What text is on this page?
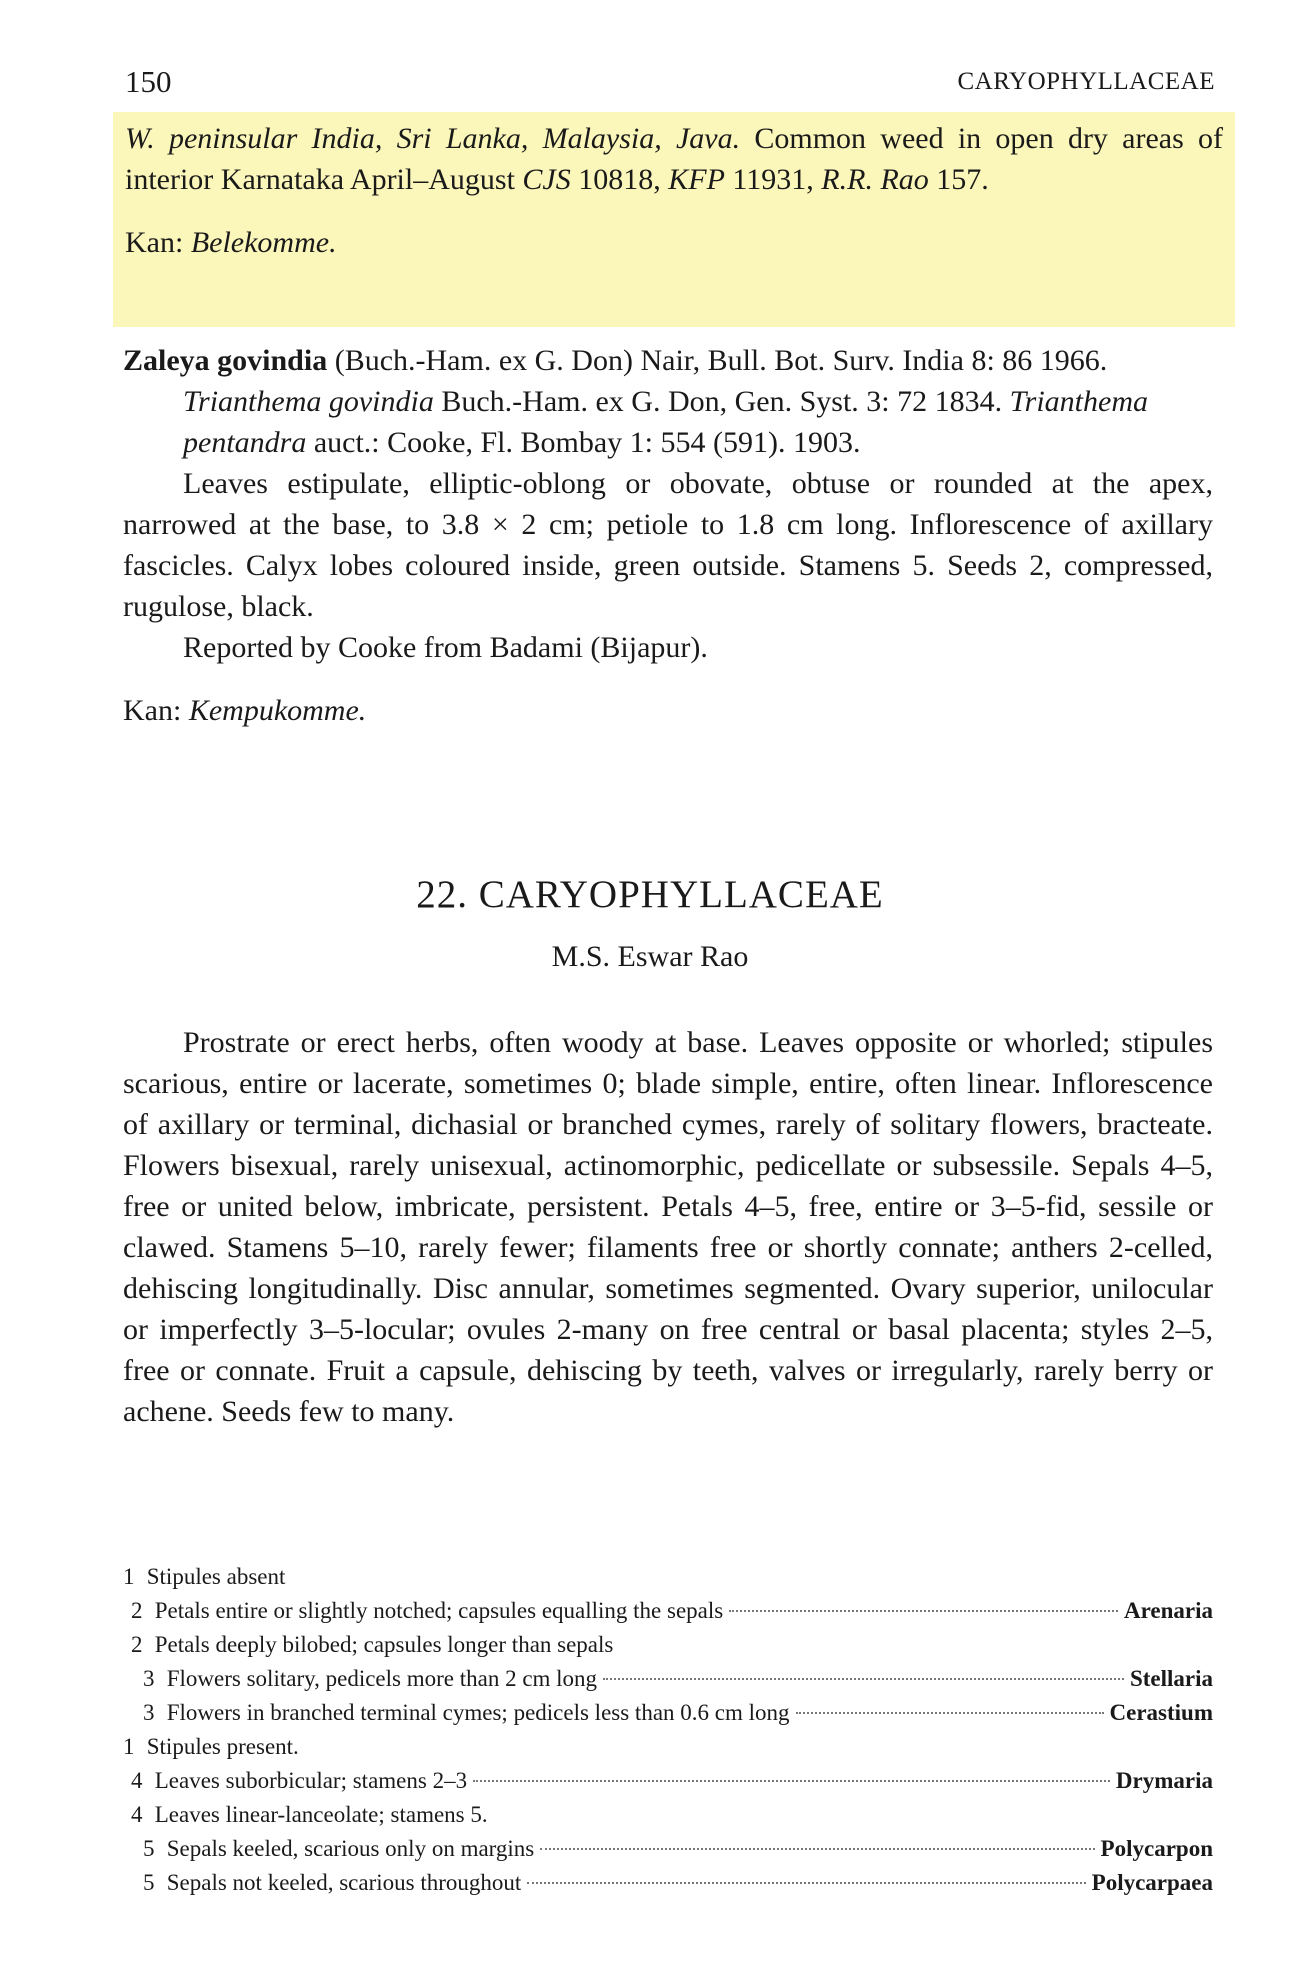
150	CARYOPHYLLACEAE

W. peninsular India, Sri Lanka, Malaysia, Java. Common weed in open dry areas of interior Karnataka April–August CJS 10818, KFP 11931, R.R. Rao 157.

Kan: Belekomme.

Zaleya govindia (Buch.-Ham. ex G. Don) Nair, Bull. Bot. Surv. India 8: 86 1966. Trianthema govindia Buch.-Ham. ex G. Don, Gen. Syst. 3: 72 1834. Trianthema pentandra auct.: Cooke, Fl. Bombay 1: 554 (591). 1903.

Leaves estipulate, elliptic-oblong or obovate, obtuse or rounded at the apex, narrowed at the base, to 3.8 × 2 cm; petiole to 1.8 cm long. Inflorescence of axillary fascicles. Calyx lobes coloured inside, green outside. Stamens 5. Seeds 2, compressed, rugulose, black.

Reported by Cooke from Badami (Bijapur).

Kan: Kempukomme.

22. CARYOPHYLLACEAE
M.S. Eswar Rao

Prostrate or erect herbs, often woody at base. Leaves opposite or whorled; stipules scarious, entire or lacerate, sometimes 0; blade simple, entire, often linear. Inflorescence of axillary or terminal, dichasial or branched cymes, rarely of solitary flowers, bracteate. Flowers bisexual, rarely unisexual, actinomorphic, pedicellate or subsessile. Sepals 4–5, free or united below, imbricate, persistent. Petals 4–5, free, entire or 3–5-fid, sessile or clawed. Stamens 5–10, rarely fewer; filaments free or shortly connate; anthers 2-celled, dehiscing longitudinally. Disc annular, sometimes segmented. Ovary superior, unilocular or imperfectly 3–5-locular; ovules 2-many on free central or basal placenta; styles 2–5, free or connate. Fruit a capsule, dehiscing by teeth, valves or irregularly, rarely berry or achene. Seeds few to many.

1 Stipules absent
2 Petals entire or slightly notched; capsules equalling the sepals	Arenaria
2 Petals deeply bilobed; capsules longer than sepals
3 Flowers solitary, pedicels more than 2 cm long	Stellaria
3 Flowers in branched terminal cymes; pedicels less than 0.6 cm long	Cerastium
1 Stipules present.
4 Leaves suborbicular; stamens 2–3	Drymaria
4 Leaves linear-lanceolate; stamens 5.
5 Sepals keeled, scarious only on margins	Polycarpon
5 Sepals not keeled, scarious throughout	Polycarpaea
